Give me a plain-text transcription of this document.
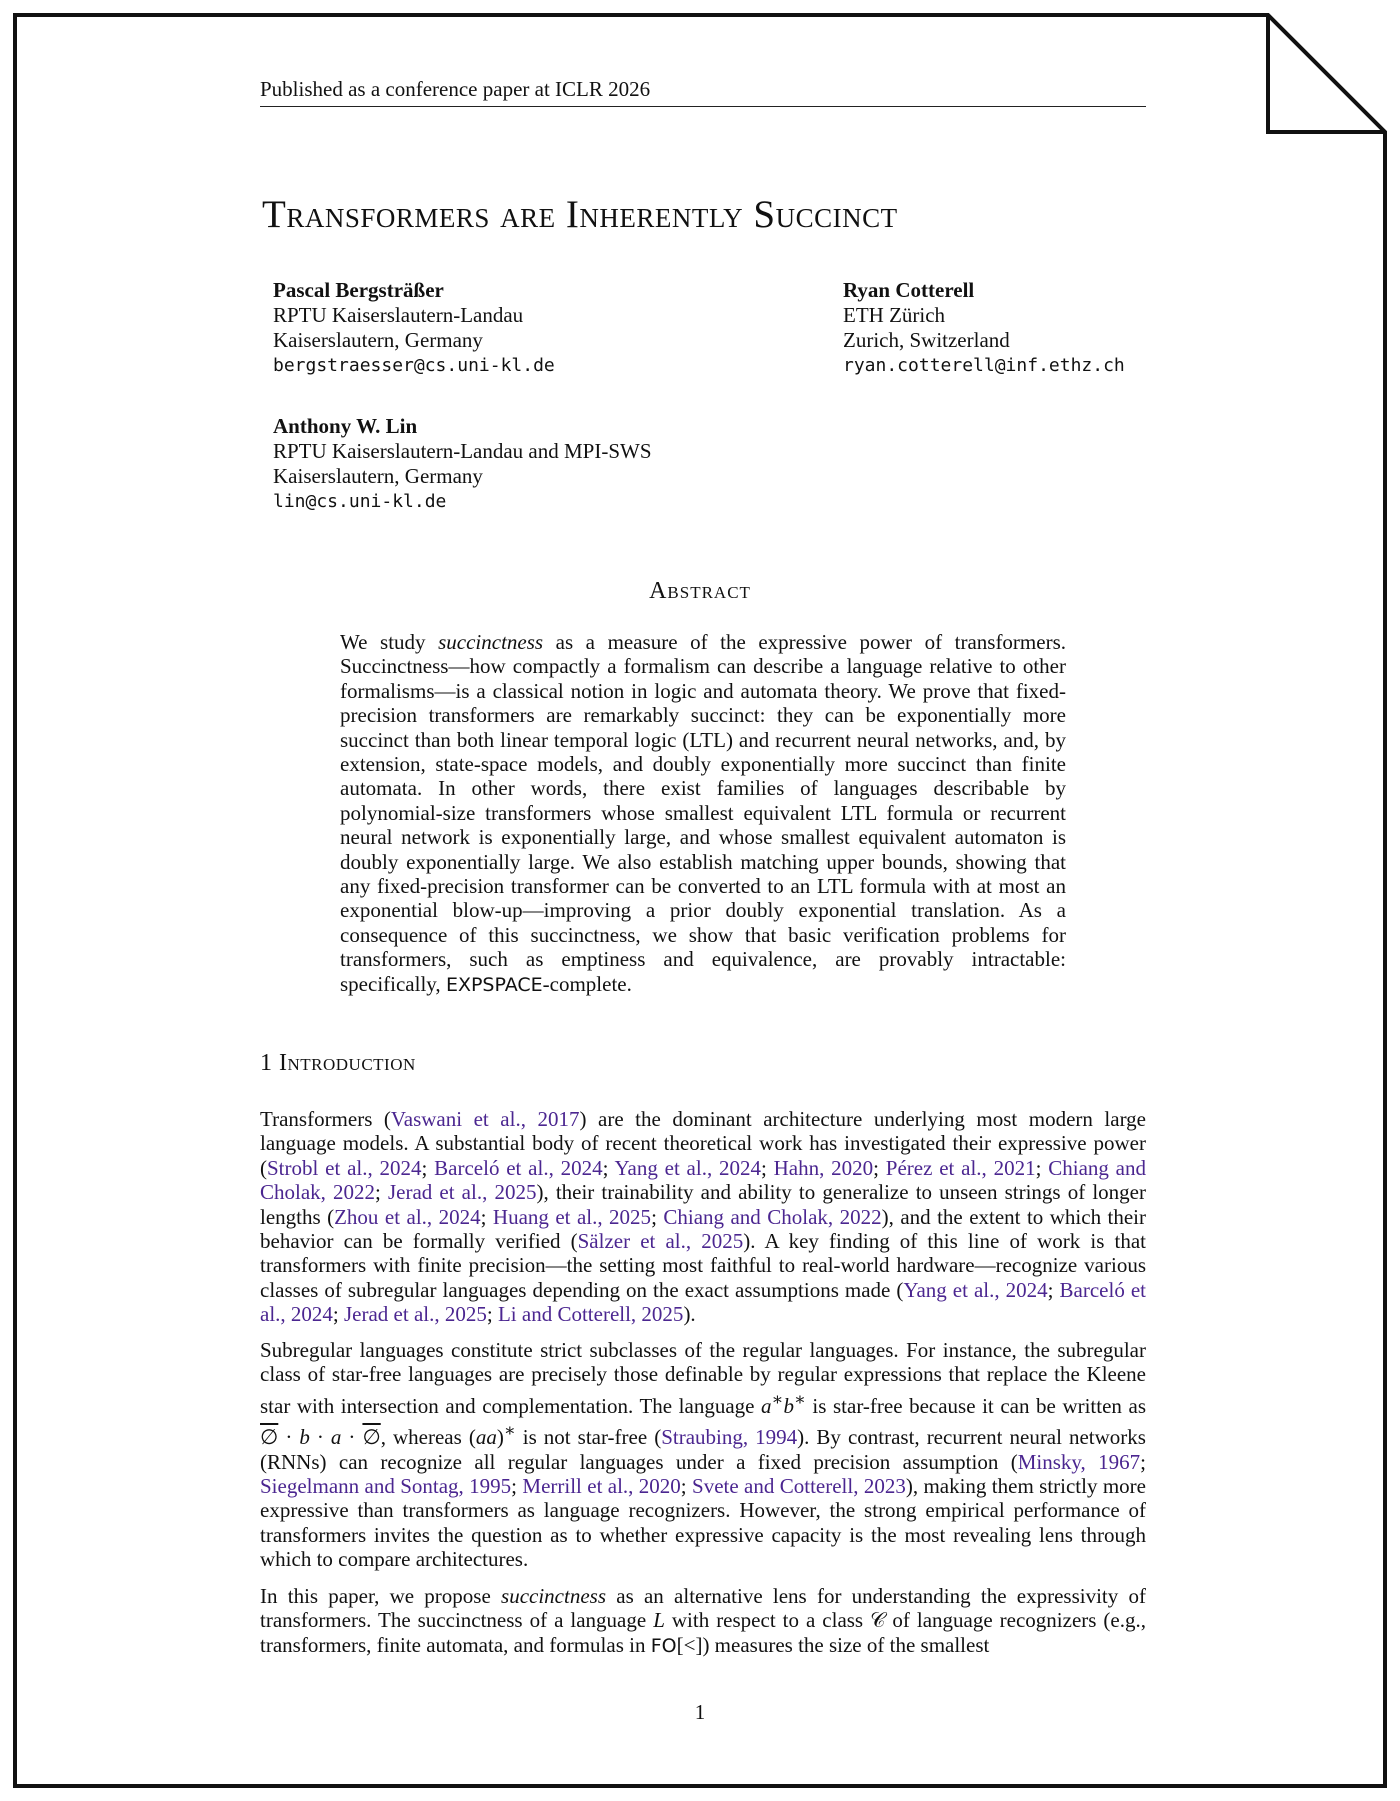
Published as a conference paper at ICLR 2026
Transformers are Inherently Succinct
Pascal Bergsträßer
RPTU Kaiserslautern-Landau
Kaiserslautern, Germany
bergstraesser@cs.uni-kl.de
Ryan Cotterell
ETH Zürich
Zurich, Switzerland
ryan.cotterell@inf.ethz.ch
Anthony W. Lin
RPTU Kaiserslautern-Landau and MPI-SWS
Kaiserslautern, Germany
lin@cs.uni-kl.de
Abstract
We study succinctness as a measure of the expressive power of transformers. Succinctness—how compactly a formalism can describe a language relative to other formalisms—is a classical notion in logic and automata theory. We prove that fixed-precision transformers are remarkably succinct: they can be exponentially more succinct than both linear temporal logic (LTL) and recurrent neural networks, and, by extension, state-space models, and doubly exponentially more succinct than finite automata. In other words, there exist families of languages describable by polynomial-size transformers whose smallest equivalent LTL formula or recurrent neural network is exponentially large, and whose smallest equivalent automaton is doubly exponentially large. We also establish matching upper bounds, showing that any fixed-precision transformer can be converted to an LTL formula with at most an exponential blow-up—improving a prior doubly exponential translation. As a consequence of this succinctness, we show that basic verification problems for transformers, such as emptiness and equivalence, are provably intractable: specifically, EXPSPACE-complete.
1 Introduction
Transformers (Vaswani et al., 2017) are the dominant architecture underlying most modern large language models. A substantial body of recent theoretical work has investigated their expressive power (Strobl et al., 2024; Barceló et al., 2024; Yang et al., 2024; Hahn, 2020; Pérez et al., 2021; Chiang and Cholak, 2022; Jerad et al., 2025), their trainability and ability to generalize to unseen strings of longer lengths (Zhou et al., 2024; Huang et al., 2025; Chiang and Cholak, 2022), and the extent to which their behavior can be formally verified (Sälzer et al., 2025). A key finding of this line of work is that transformers with finite precision—the setting most faithful to real-world hardware—recognize various classes of subregular languages depending on the exact assumptions made (Yang et al., 2024; Barceló et al., 2024; Jerad et al., 2025; Li and Cotterell, 2025).
Subregular languages constitute strict subclasses of the regular languages. For instance, the subregular class of star-free languages are precisely those definable by regular expressions that replace the Kleene star with intersection and complementation. The language a∗b∗ is star-free because it can be written as ∅ · b · a · ∅, whereas (aa)∗ is not star-free (Straubing, 1994). By contrast, recurrent neural networks (RNNs) can recognize all regular languages under a fixed precision assumption (Minsky, 1967; Siegelmann and Sontag, 1995; Merrill et al., 2020; Svete and Cotterell, 2023), making them strictly more expressive than transformers as language recognizers. However, the strong empirical performance of transformers invites the question as to whether expressive capacity is the most revealing lens through which to compare architectures.
In this paper, we propose succinctness as an alternative lens for understanding the expressivity of transformers. The succinctness of a language L with respect to a class 𝒞 of language recognizers (e.g., transformers, finite automata, and formulas in FO[<]) measures the size of the smallest
1
